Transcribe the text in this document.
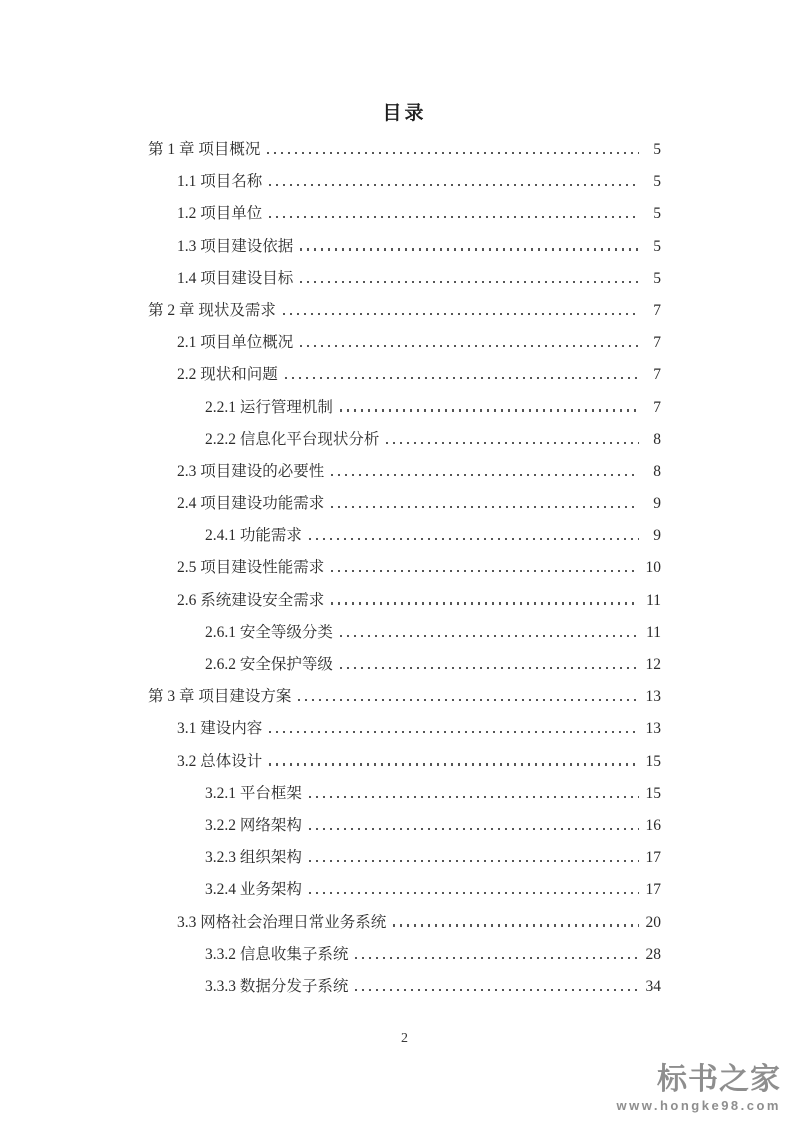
目录
第 1 章 项目概况	5
1.1 项目名称	5
1.2 项目单位	5
1.3 项目建设依据	5
1.4 项目建设目标	5
第 2 章 现状及需求	7
2.1 项目单位概况	7
2.2 现状和问题	7
2.2.1 运行管理机制	7
2.2.2 信息化平台现状分析	8
2.3 项目建设的必要性	8
2.4 项目建设功能需求	9
2.4.1 功能需求	9
2.5 项目建设性能需求	10
2.6 系统建设安全需求	11
2.6.1 安全等级分类	11
2.6.2 安全保护等级	12
第 3 章 项目建设方案	13
3.1 建设内容	13
3.2 总体设计	15
3.2.1 平台框架	15
3.2.2 网络架构	16
3.2.3 组织架构	17
3.2.4 业务架构	17
3.3 网格社会治理日常业务系统	20
3.3.2 信息收集子系统	28
3.3.3 数据分发子系统	34
2
标书之家
www.hongke98.com
